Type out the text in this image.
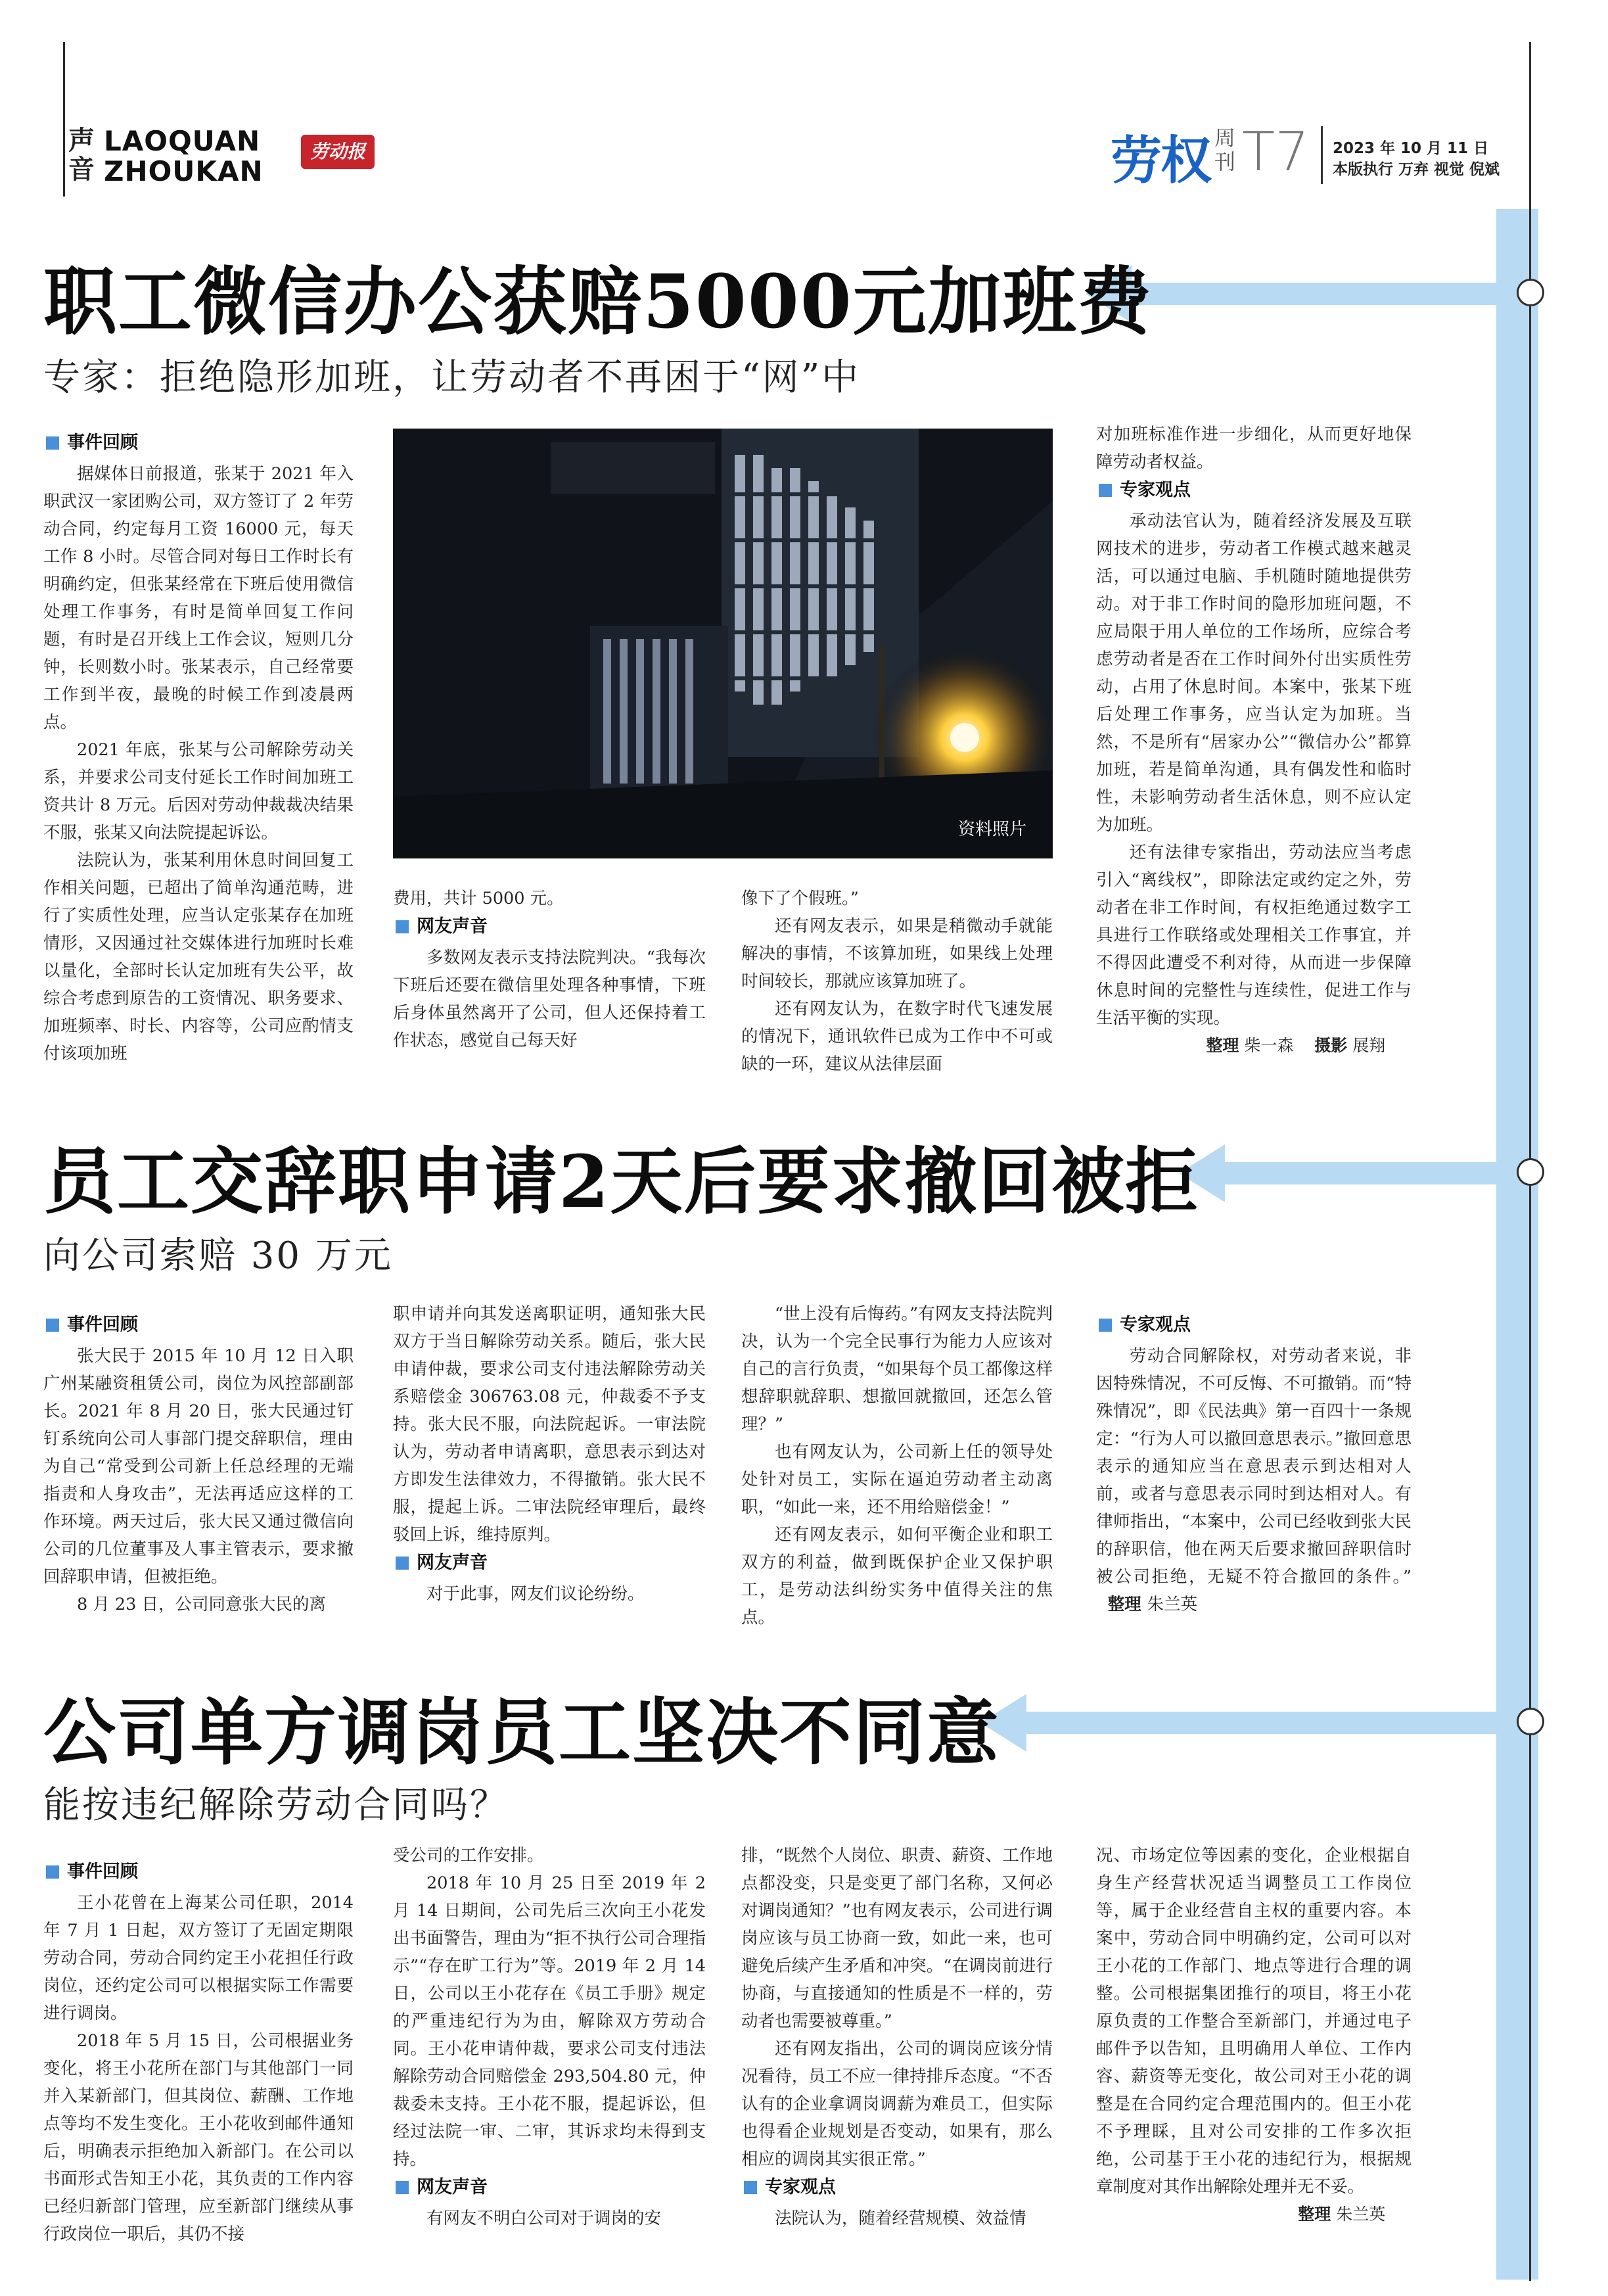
声音
LAOQUAN
ZHOUKAN
劳动报	劳权 周刊 T7 2023 年 10 月 11 日
本版执行 万弃 视觉 倪斌
职工微信办公获赔5000元加班费
专家：拒绝隐形加班，让劳动者不再困于“网”中
资料照片
事件回顾

据媒体日前报道，张某于 2021 年入职武汉一家团购公司，双方签订了 2 年劳动合同，约定每月工资 16000 元，每天工作 8 小时。尽管合同对每日工作时长有明确约定，但张某经常在下班后使用微信处理工作事务，有时是简单回复工作问题，有时是召开线上工作会议，短则几分钟，长则数小时。张某表示，自己经常要工作到半夜，最晚的时候工作到凌晨两点。

2021 年底，张某与公司解除劳动关系，并要求公司支付延长工作时间加班工资共计 8 万元。后因对劳动仲裁裁决结果不服，张某又向法院提起诉讼。

法院认为，张某利用休息时间回复工作相关问题，已超出了简单沟通范畴，进行了实质性处理，应当认定张某存在加班情形，又因通过社交媒体进行加班时长难以量化，全部时长认定加班有失公平，故综合考虑到原告的工资情况、职务要求、加班频率、时长、内容等，公司应酌情支付该项加班

费用，共计 5000 元。

网友声音

多数网友表示支持法院判决。“我每次下班后还要在微信里处理各种事情，下班后身体虽然离开了公司，但人还保持着工作状态，感觉自己每天好

像下了个假班。”

还有网友表示，如果是稍微动手就能解决的事情，不该算加班，如果线上处理时间较长，那就应该算加班了。

还有网友认为，在数字时代飞速发展的情况下，通讯软件已成为工作中不可或缺的一环，建议从法律层面

对加班标准作进一步细化，从而更好地保障劳动者权益。

专家观点

承动法官认为，随着经济发展及互联网技术的进步，劳动者工作模式越来越灵活，可以通过电脑、手机随时随地提供劳动。对于非工作时间的隐形加班问题，不应局限于用人单位的工作场所，应综合考虑劳动者是否在工作时间外付出实质性劳动，占用了休息时间。本案中，张某下班后处理工作事务，应当认定为加班。当然，不是所有“居家办公”“微信办公”都算加班，若是简单沟通，具有偶发性和临时性，未影响劳动者生活休息，则不应认定为加班。

还有法律专家指出，劳动法应当考虑引入“离线权”，即除法定或约定之外，劳动者在非工作时间，有权拒绝通过数字工具进行工作联络或处理相关工作事宜，并不得因此遭受不利对待，从而进一步保障休息时间的完整性与连续性，促进工作与生活平衡的实现。

整理 柴一森 摄影 展翔
员工交辞职申请2天后要求撤回被拒
向公司索赔 30 万元
事件回顾

张大民于 2015 年 10 月 12 日入职广州某融资租赁公司，岗位为风控部副部长。2021 年 8 月 20 日，张大民通过钉钉系统向公司人事部门提交辞职信，理由为自己“常受到公司新上任总经理的无端指责和人身攻击”，无法再适应这样的工作环境。两天过后，张大民又通过微信向公司的几位董事及人事主管表示，要求撤回辞职申请，但被拒绝。

8 月 23 日，公司同意张大民的离

职申请并向其发送离职证明，通知张大民双方于当日解除劳动关系。随后，张大民申请仲裁，要求公司支付违法解除劳动关系赔偿金 306763.08 元，仲裁委不予支持。张大民不服，向法院起诉。一审法院认为，劳动者申请离职，意思表示到达对方即发生法律效力，不得撤销。张大民不服，提起上诉。二审法院经审理后，最终驳回上诉，维持原判。

网友声音

对于此事，网友们议论纷纷。

“世上没有后悔药。”有网友支持法院判决，认为一个完全民事行为能力人应该对自己的言行负责，“如果每个员工都像这样想辞职就辞职、想撤回就撤回，还怎么管理？”

也有网友认为，公司新上任的领导处处针对员工，实际在逼迫劳动者主动离职，“如此一来，还不用给赔偿金！”

还有网友表示，如何平衡企业和职工双方的利益，做到既保护企业又保护职工，是劳动法纠纷实务中值得关注的焦点。

专家观点

劳动合同解除权，对劳动者来说，非因特殊情况，不可反悔、不可撤销。而“特殊情况”，即《民法典》第一百四十一条规定：“行为人可以撤回意思表示。”撤回意思表示的通知应当在意思表示到达相对人前，或者与意思表示同时到达相对人。有律师指出，“本案中，公司已经收到张大民的辞职信，他在两天后要求撤回辞职信时被公司拒绝，无疑不符合撤回的条件。”   整理 朱兰英

公司单方调岗员工坚决不同意
能按违纪解除劳动合同吗？
事件回顾

王小花曾在上海某公司任职，2014 年 7 月 1 日起，双方签订了无固定期限劳动合同，劳动合同约定王小花担任行政岗位，还约定公司可以根据实际工作需要进行调岗。

2018 年 5 月 15 日，公司根据业务变化，将王小花所在部门与其他部门一同并入某新部门，但其岗位、薪酬、工作地点等均不发生变化。王小花收到邮件通知后，明确表示拒绝加入新部门。在公司以书面形式告知王小花，其负责的工作内容已经归新部门管理，应至新部门继续从事行政岗位一职后，其仍不接

受公司的工作安排。

2018 年 10 月 25 日至 2019 年 2 月 14 日期间，公司先后三次向王小花发出书面警告，理由为“拒不执行公司合理指示”“存在旷工行为”等。2019 年 2 月 14 日，公司以王小花存在《员工手册》规定的严重违纪行为为由，解除双方劳动合同。王小花申请仲裁，要求公司支付违法解除劳动合同赔偿金 293,504.80 元，仲裁委未支持。王小花不服，提起诉讼，但经过法院一审、二审，其诉求均未得到支持。

网友声音

有网友不明白公司对于调岗的安

排，“既然个人岗位、职责、薪资、工作地点都没变，只是变更了部门名称，又何必对调岗通知？”也有网友表示，公司进行调岗应该与员工协商一致，如此一来，也可避免后续产生矛盾和冲突。“在调岗前进行协商，与直接通知的性质是不一样的，劳动者也需要被尊重。”

还有网友指出，公司的调岗应该分情况看待，员工不应一律持排斥态度。“不否认有的企业拿调岗调薪为难员工，但实际也得看企业规划是否变动，如果有，那么相应的调岗其实很正常。”

专家观点

法院认为，随着经营规模、效益情

况、市场定位等因素的变化，企业根据自身生产经营状况适当调整员工工作岗位等，属于企业经营自主权的重要内容。本案中，劳动合同中明确约定，公司可以对王小花的工作部门、地点等进行合理的调整。公司根据集团推行的项目，将王小花原负责的工作整合至新部门，并通过电子邮件予以告知，且明确用人单位、工作内容、薪资等无变化，故公司对王小花的调整是在合同约定合理范围内的。但王小花不予理睬，且对公司安排的工作多次拒绝，公司基于王小花的违纪行为，根据规章制度对其作出解除处理并无不妥。

整理 朱兰英
